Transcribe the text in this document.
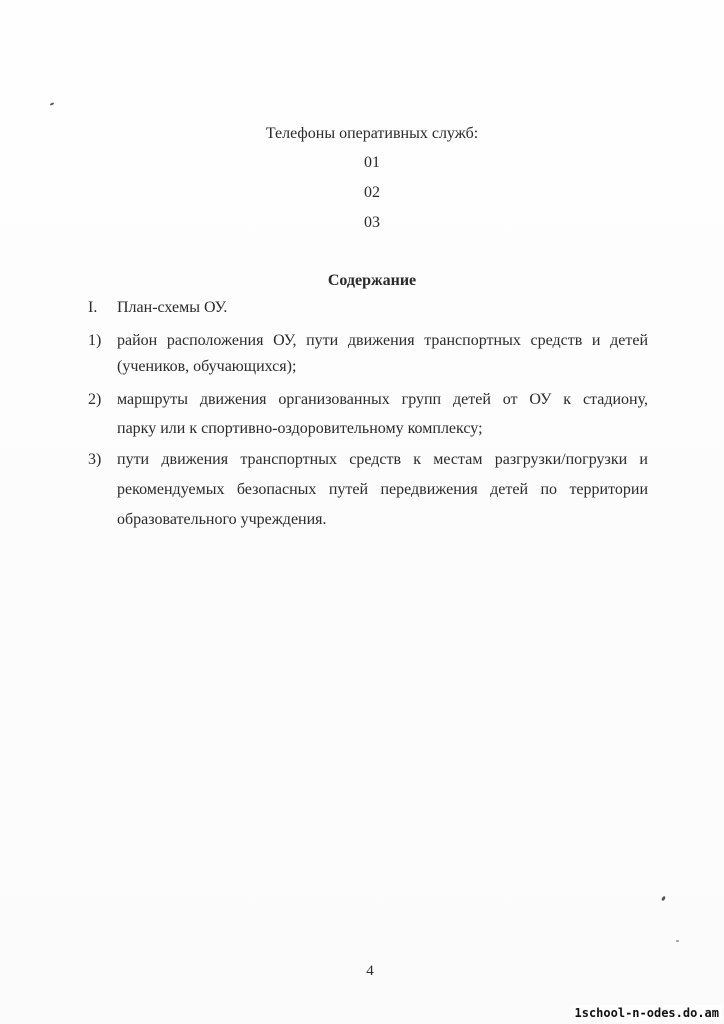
Телефоны оперативных служб:
01
02
03
Содержание
I. План-схемы ОУ.
1) район расположения ОУ, пути движения транспортных средств и детей
(учеников, обучающихся);
2) маршруты движения организованных групп детей от ОУ к стадиону,
парку или к спортивно-оздоровительному комплексу;
3) пути движения транспортных средств к местам разгрузки/погрузки и
рекомендуемых безопасных путей передвижения детей по территории
образовательного учреждения.
4
1school-n-odes.do.am
